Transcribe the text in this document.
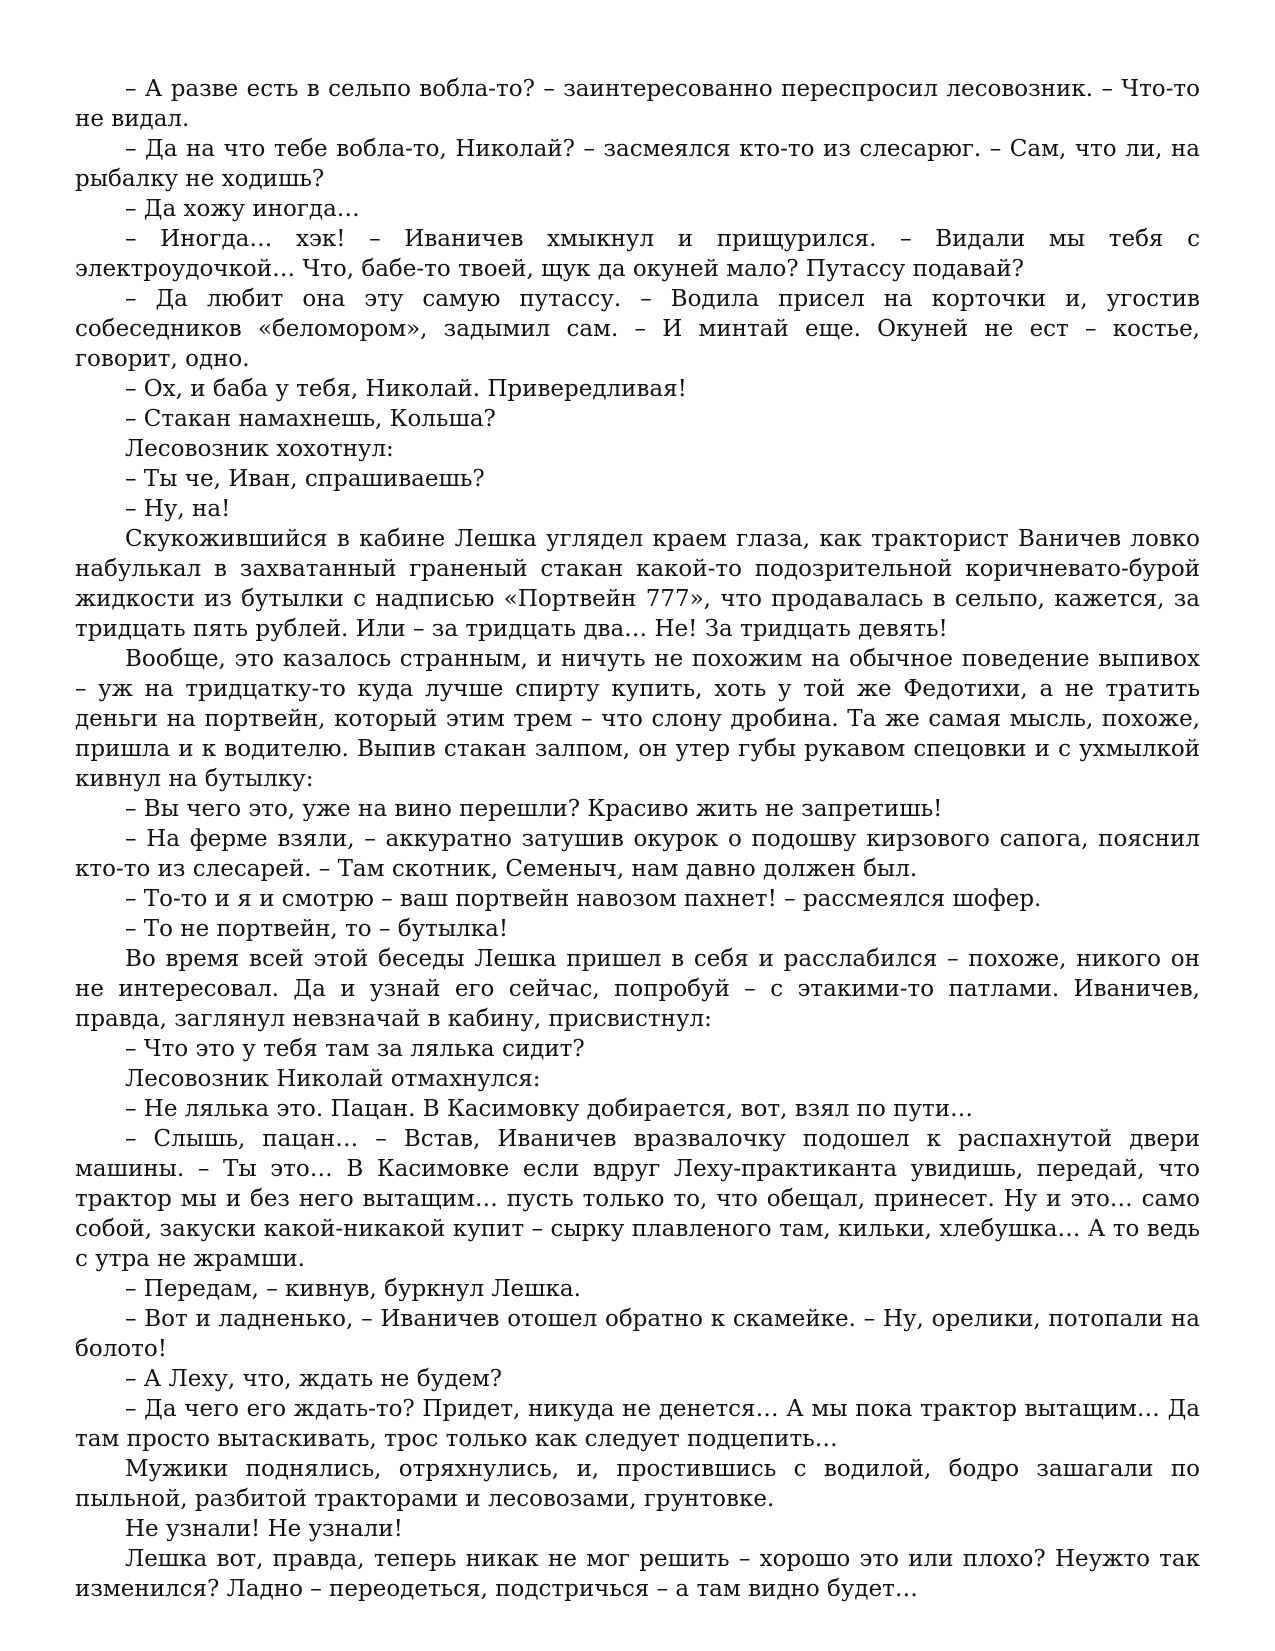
– А разве есть в сельпо вобла-то? – заинтересованно переспросил лесовозник. – Что-то не видал.

– Да на что тебе вобла-то, Николай? – засмеялся кто-то из слесарюг. – Сам, что ли, на рыбалку не ходишь?

– Да хожу иногда…

– Иногда… хэк! – Иваничев хмыкнул и прищурился. – Видали мы тебя с электроудочкой… Что, бабе-то твоей, щук да окуней мало? Путассу подавай?

– Да любит она эту самую путассу. – Водила присел на корточки и, угостив собеседников «беломором», задымил сам. – И минтай еще. Окуней не ест – костье, говорит, одно.

– Ох, и баба у тебя, Николай. Привередливая!

– Стакан намахнешь, Кольша?

Лесовозник хохотнул:

– Ты че, Иван, спрашиваешь?

– Ну, на!

Скукожившийся в кабине Лешка углядел краем глаза, как тракторист Ваничев ловко набулькал в захватанный граненый стакан какой-то подозрительной коричневато-бурой жидкости из бутылки с надписью «Портвейн 777», что продавалась в сельпо, кажется, за тридцать пять рублей. Или – за тридцать два… Не! За тридцать девять!

Вообще, это казалось странным, и ничуть не похожим на обычное поведение выпивох – уж на тридцатку-то куда лучше спирту купить, хоть у той же Федотихи, а не тратить деньги на портвейн, который этим трем – что слону дробина. Та же самая мысль, похоже, пришла и к водителю. Выпив стакан залпом, он утер губы рукавом спецовки и с ухмылкой кивнул на бутылку:

– Вы чего это, уже на вино перешли? Красиво жить не запретишь!

– На ферме взяли, – аккуратно затушив окурок о подошву кирзового сапога, пояснил кто-то из слесарей. – Там скотник, Семеныч, нам давно должен был.

– То-то и я и смотрю – ваш портвейн навозом пахнет! – рассмеялся шофер.

– То не портвейн, то – бутылка!

Во время всей этой беседы Лешка пришел в себя и расслабился – похоже, никого он не интересовал. Да и узнай его сейчас, попробуй – с этакими-то патлами. Иваничев, правда, заглянул невзначай в кабину, присвистнул:

– Что это у тебя там за лялька сидит?

Лесовозник Николай отмахнулся:

– Не лялька это. Пацан. В Касимовку добирается, вот, взял по пути…

– Слышь, пацан… – Встав, Иваничев вразвалочку подошел к распахнутой двери машины. – Ты это… В Касимовке если вдруг Леху-практиканта увидишь, передай, что трактор мы и без него вытащим… пусть только то, что обещал, принесет. Ну и это… само собой, закуски какой-никакой купит – сырку плавленого там, кильки, хлебушка… А то ведь с утра не жрамши.

– Передам, – кивнув, буркнул Лешка.

– Вот и ладненько, – Иваничев отошел обратно к скамейке. – Ну, орелики, потопали на болото!

– А Леху, что, ждать не будем?

– Да чего его ждать-то? Придет, никуда не денется… А мы пока трактор вытащим… Да там просто вытаскивать, трос только как следует подцепить…

Мужики поднялись, отряхнулись, и, простившись с водилой, бодро зашагали по пыльной, разбитой тракторами и лесовозами, грунтовке.

Не узнали! Не узнали!

Лешка вот, правда, теперь никак не мог решить – хорошо это или плохо? Неужто так изменился? Ладно – переодеться, подстричься – а там видно будет…
